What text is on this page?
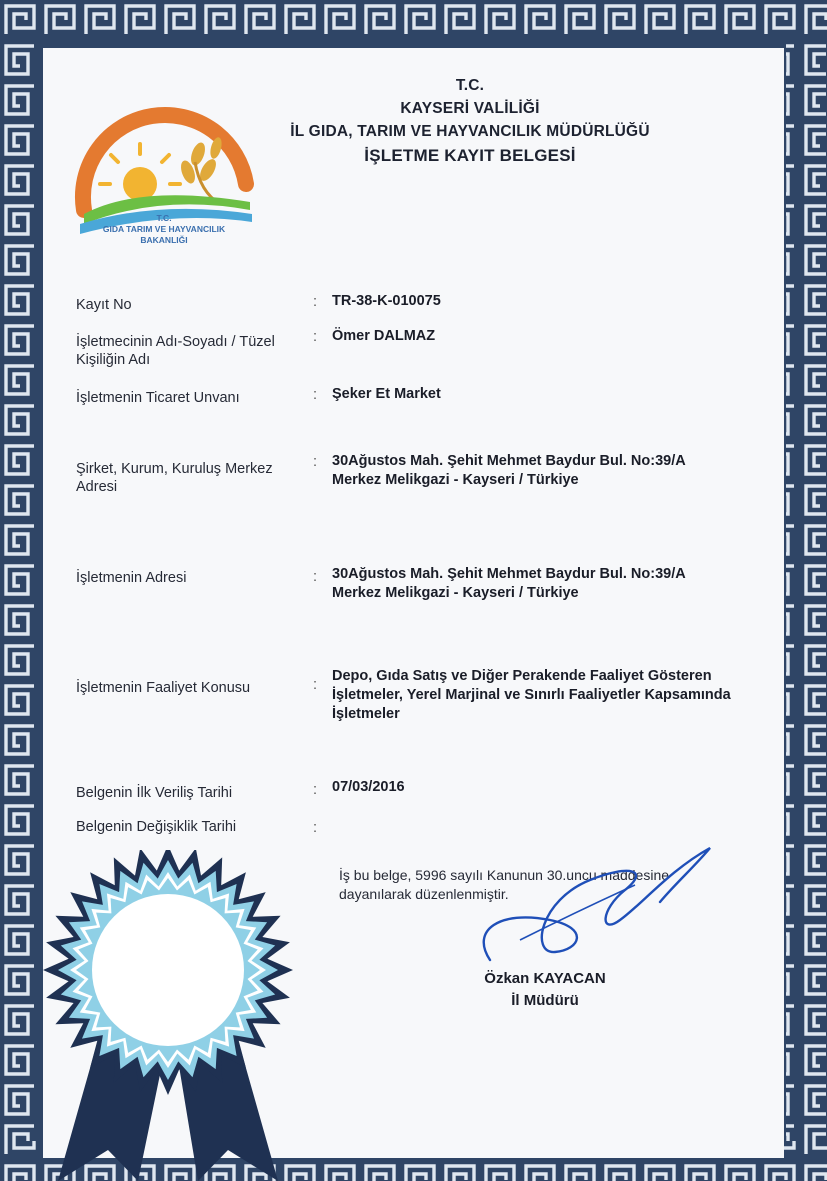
T.C.
GIDA TARIM VE HAYVANCILIK
BAKANLIĞI
T.C.
KAYSERİ VALİLİĞİ
İL GIDA, TARIM VE HAYVANCILIK MÜDÜRLÜĞÜ
İŞLETME KAYIT BELGESİ
Kayıt No	: TR-38-K-010075
İşletmecinin Adı-Soyadı / Tüzel Kişiliğin Adı
: Ömer DALMAZ
İşletmenin Ticaret Unvanı	: Şeker Et Market
Şirket, Kurum, Kuruluş Merkez Adresi
: 30Ağustos Mah. Şehit Mehmet Baydur Bul. No:39/A Merkez Melikgazi - Kayseri / Türkiye
İşletmenin Adresi	: 30Ağustos Mah. Şehit Mehmet Baydur Bul. No:39/A Merkez Melikgazi - Kayseri / Türkiye
İşletmenin Faaliyet Konusu	:
Depo, Gıda Satış ve Diğer Perakende Faaliyet Gösteren İşletmeler, Yerel Marjinal ve Sınırlı Faaliyetler Kapsamında İşletmeler
Belgenin İlk Veriliş Tarihi	: 07/03/2016
Belgenin Değişiklik Tarihi	:
İş bu belge, 5996 sayılı Kanunun 30.uncu maddesine dayanılarak düzenlenmiştir.
Özkan KAYACAN
İl Müdürü
